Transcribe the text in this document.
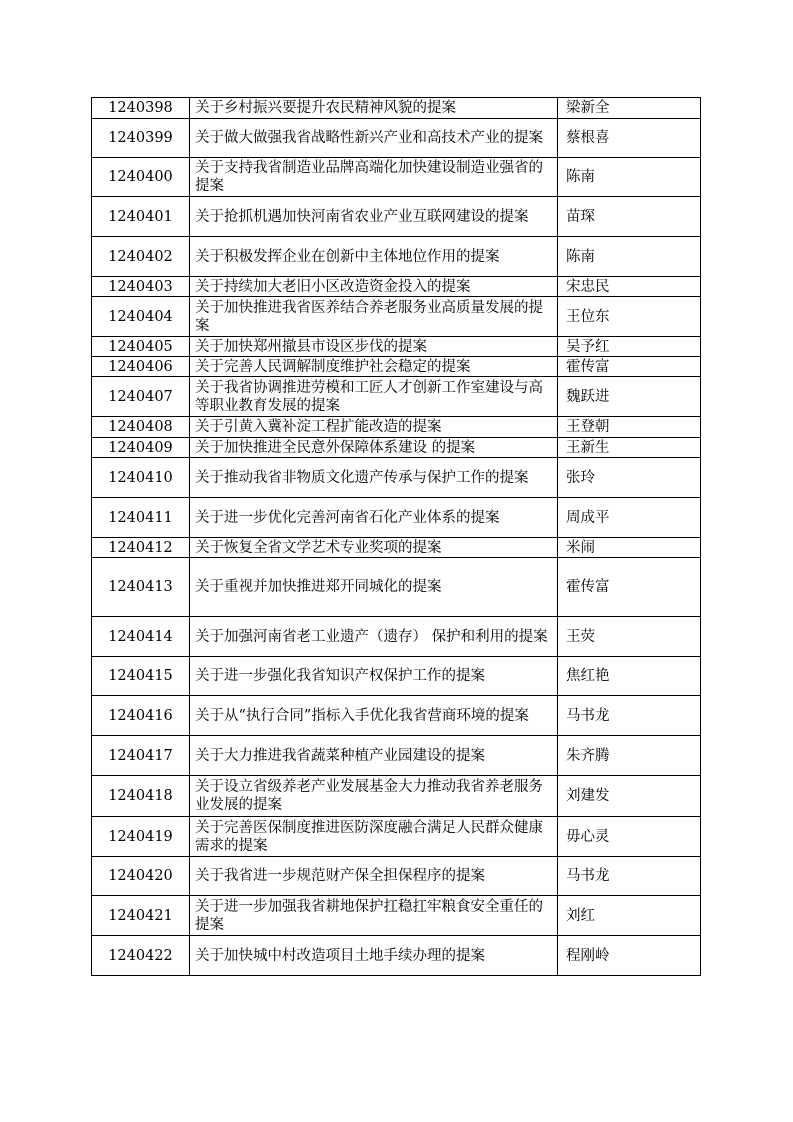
1240398	关于乡村振兴要提升农民精神风貌的提案	梁新全
1240399	关于做大做强我省战略性新兴产业和高技术产业的提案	蔡根喜
1240400	关于支持我省制造业品牌高端化加快建设制造业强省的提案	陈南
1240401	关于抢抓机遇加快河南省农业产业互联网建设的提案	苗琛
1240402	关于积极发挥企业在创新中主体地位作用的提案	陈南
1240403	关于持续加大老旧小区改造资金投入的提案	宋忠民
1240404	关于加快推进我省医养结合养老服务业高质量发展的提案	王位东
1240405	关于加快郑州撤县市设区步伐的提案	吴予红
1240406	关于完善人民调解制度维护社会稳定的提案	霍传富
1240407	关于我省协调推进劳模和工匠人才创新工作室建设与高等职业教育发展的提案	魏跃进
1240408	关于引黄入冀补淀工程扩能改造的提案	王登朝
1240409	关于加快推进全民意外保障体系建设 的提案	王新生
1240410	关于推动我省非物质文化遗产传承与保护工作的提案	张玲
1240411	关于进一步优化完善河南省石化产业体系的提案	周成平
1240412	关于恢复全省文学艺术专业奖项的提案	米闹
1240413	关于重视并加快推进郑开同城化的提案	霍传富
1240414	关于加强河南省老工业遗产（遗存） 保护和利用的提案	王荧
1240415	关于进一步强化我省知识产权保护工作的提案	焦红艳
1240416	关于从“执行合同”指标入手优化我省营商环境的提案	马书龙
1240417	关于大力推进我省蔬菜种植产业园建设的提案	朱齐腾
1240418	关于设立省级养老产业发展基金大力推动我省养老服务业发展的提案	刘建发
1240419	关于完善医保制度推进医防深度融合满足人民群众健康需求的提案	毋心灵
1240420	关于我省进一步规范财产保全担保程序的提案	马书龙
1240421	关于进一步加强我省耕地保护扛稳扛牢粮食安全重任的提案	刘红
1240422	关于加快城中村改造项目土地手续办理的提案	程刚岭
